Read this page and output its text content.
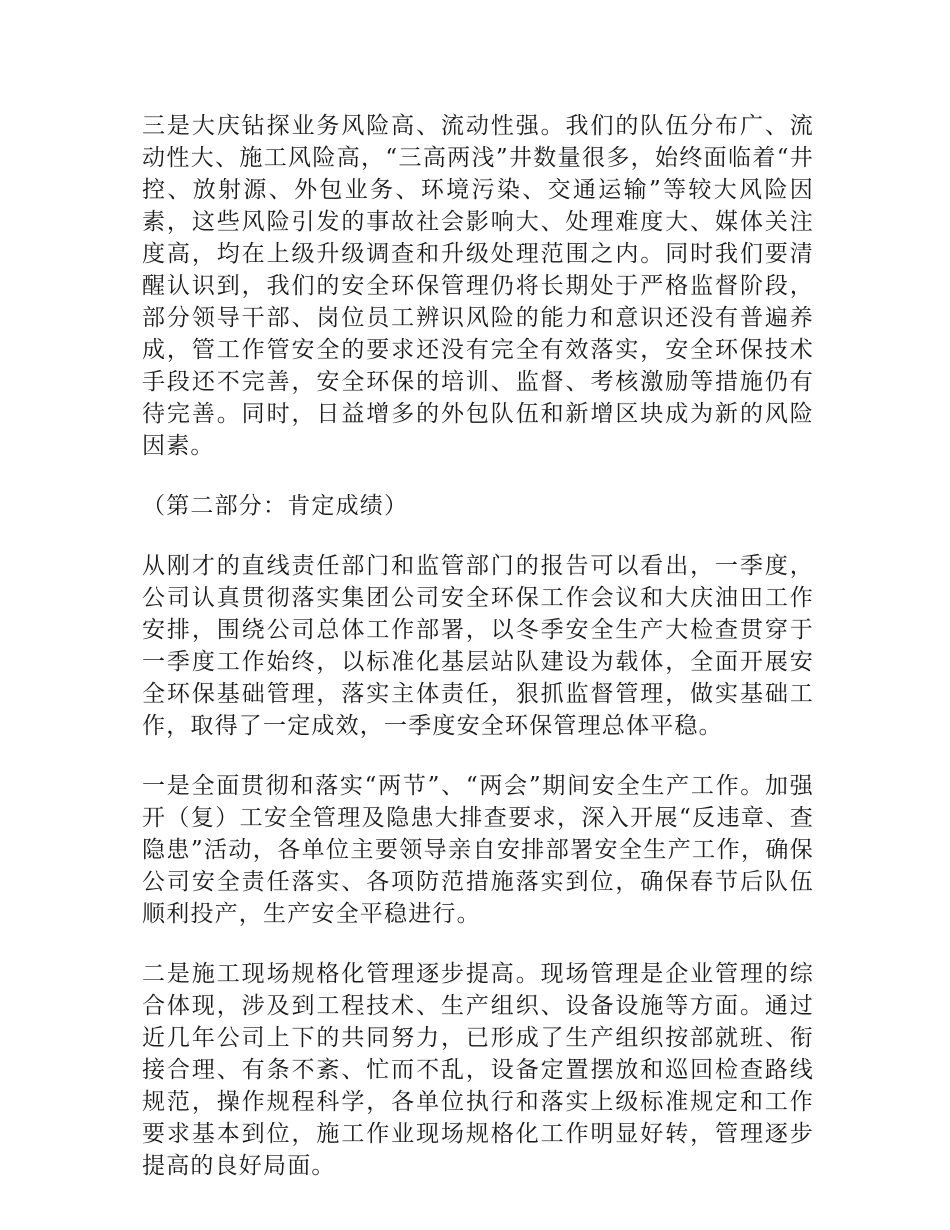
三是大庆钻探业务风险高、流动性强。我们的队伍分布广、流动性大、施工风险高，“三高两浅”井数量很多，始终面临着“井控、放射源、外包业务、环境污染、交通运输”等较大风险因素，这些风险引发的事故社会影响大、处理难度大、媒体关注度高，均在上级升级调查和升级处理范围之内。同时我们要清醒认识到，我们的安全环保管理仍将长期处于严格监督阶段，部分领导干部、岗位员工辨识风险的能力和意识还没有普遍养成，管工作管安全的要求还没有完全有效落实，安全环保技术手段还不完善，安全环保的培训、监督、考核激励等措施仍有待完善。同时，日益增多的外包队伍和新增区块成为新的风险因素。

（第二部分：肯定成绩）

从刚才的直线责任部门和监管部门的报告可以看出，一季度，公司认真贯彻落实集团公司安全环保工作会议和大庆油田工作安排，围绕公司总体工作部署，以冬季安全生产大检查贯穿于一季度工作始终，以标准化基层站队建设为载体，全面开展安全环保基础管理，落实主体责任，狠抓监督管理，做实基础工作，取得了一定成效，一季度安全环保管理总体平稳。

一是全面贯彻和落实“两节”、“两会”期间安全生产工作。加强开（复）工安全管理及隐患大排查要求，深入开展“反违章、查隐患”活动，各单位主要领导亲自安排部署安全生产工作，确保公司安全责任落实、各项防范措施落实到位，确保春节后队伍顺利投产，生产安全平稳进行。

二是施工现场规格化管理逐步提高。现场管理是企业管理的综合体现，涉及到工程技术、生产组织、设备设施等方面。通过近几年公司上下的共同努力，已形成了生产组织按部就班、衔接合理、有条不紊、忙而不乱，设备定置摆放和巡回检查路线规范，操作规程科学，各单位执行和落实上级标准规定和工作要求基本到位，施工作业现场规格化工作明显好转，管理逐步提高的良好局面。
